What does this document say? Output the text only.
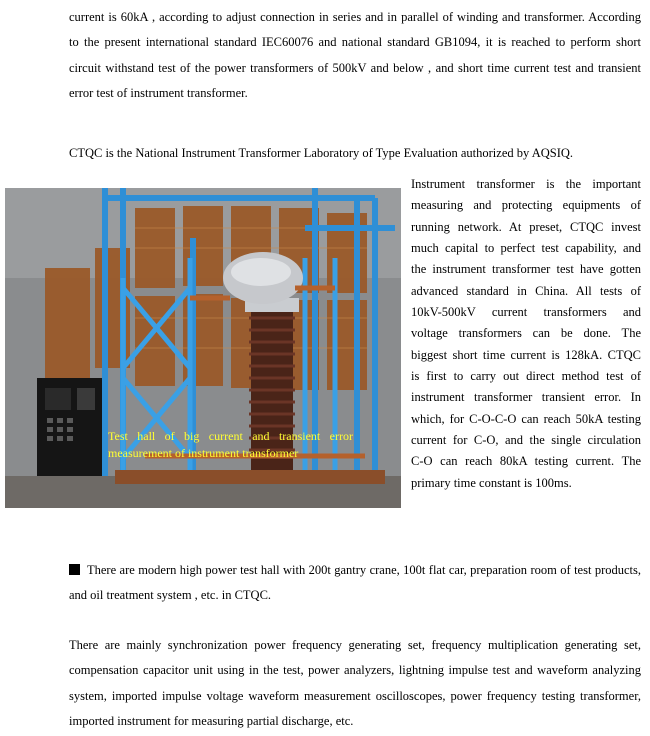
current is 60kA , according to adjust connection in series and in parallel of winding and transformer. According
to the present international standard IEC60076 and national standard GB1094, it is reached to perform short
circuit withstand test of the power transformers of 500kV and below , and short time current test and transient
error test of instrument transformer.
CTQC is the National Instrument Transformer Laboratory of Type Evaluation authorized by AQSIQ.
Test hall of big current and transient error
measurement of instrument transformer
Instrument transformer is the important
measuring and protecting equipments of
running network. At preset, CTQC invest
much capital to perfect test capability, and
the instrument transformer test have gotten
advanced standard in China. All tests of
10kV-500kV current transformers and
voltage transformers can be done. The
biggest short time current is 128kA. CTQC
is first to carry out direct method test of
instrument transformer transient error. In
which, for C-O-C-O can reach 50kA testing
current for C-O, and the single circulation
C-O can reach 80kA testing current. The
primary time constant is 100ms.
There are modern high power test hall with 200t gantry crane, 100t flat car, preparation room of test products,
and oil treatment system , etc. in CTQC.
There are mainly synchronization power frequency generating set, frequency multiplication generating set,
compensation capacitor unit using in the test, power analyzers, lightning impulse test and waveform analyzing
system, imported impulse voltage waveform measurement oscilloscopes, power frequency testing transformer,
imported instrument for measuring partial discharge, etc.
